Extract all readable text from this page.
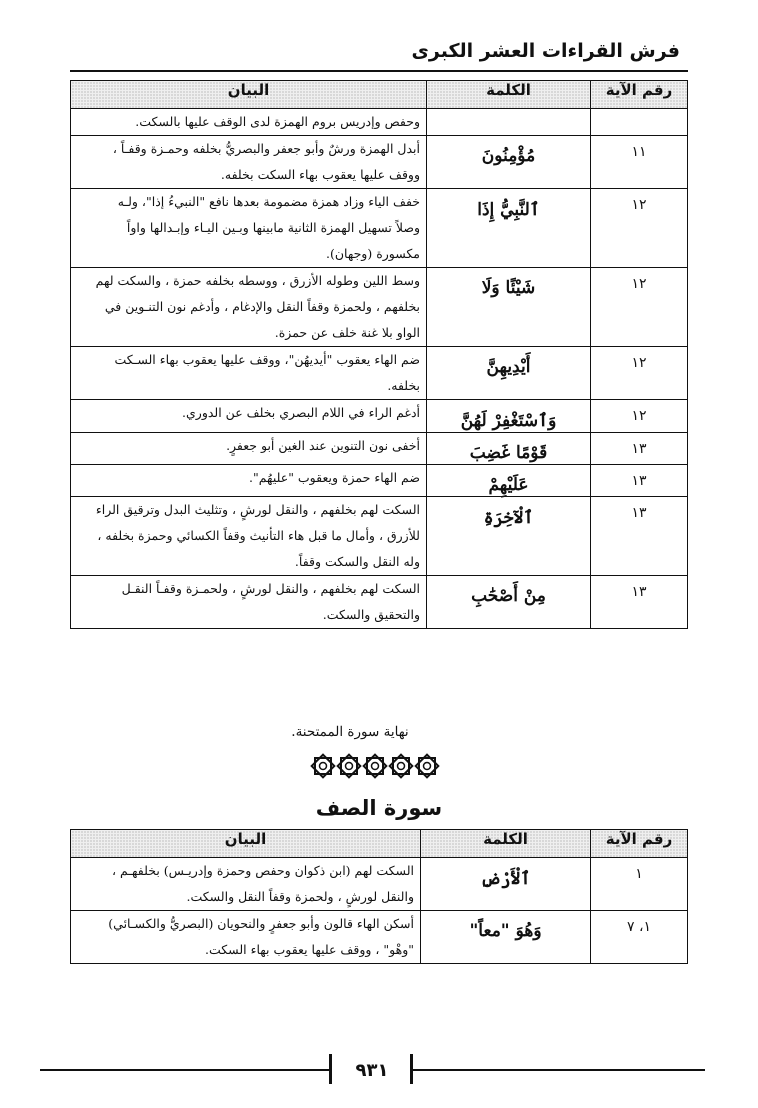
فرش القراءات العشر الكبرى
رقم الآية	الكلمة	البيان

		وحفص وإدريس بروم الهمزة لدى الوقف عليها بالسكت.

١١	مُؤْمِنُونَ	أبدل الهمزة ورشٌ وأبو جعفر والبصريُّ بخلفه وحمـزة وقفـاً ،
ووقف عليها يعقوب بهاء السكت بخلفه.

١٢	ٱلنَّبِيُّ إِذَا	خفف الياء وزاد همزة مضمومة بعدها نافع "النبيءُ إذا"، ولـه
وصلاً تسهيل الهمزة الثانية مابينها وبـين اليـاء وإبـدالها واواً
مكسورة (وجهان).

١٢	شَيْئًا وَلَا	وسط اللين وطوله الأزرق ، ووسطه بخلفه حمزة ، والسكت لهم
بخلفهم ، ولحمزة وقفاً النقل والإدغام ، وأدغم نون التنـوين في
الواو بلا غنة خلف عن حمزة.

١٢	أَيْدِيهِنَّ	ضم الهاء يعقوب "أيديهُن"، ووقف عليها يعقوب بهاء السـكت
بخلفه.

١٢	وَٱسْتَغْفِرْ لَهُنَّ	أدغم الراء في اللام البصري بخلف عن الدوري.

١٣	قَوْمًا غَضِبَ	أخفى نون التنوين عند الغين أبو جعفرٍ.

١٣	عَلَيْهِمْ	ضم الهاء حمزة ويعقوب "عليهُم".

١٣	ٱلْآخِرَةِ	السكت لهم بخلفهم ، والنقل لورشٍ ، وتثليث البدل وترقيق الراء
للأزرق ، وأمال ما قبل هاء التأنيث وقفاً الكسائي وحمزة بخلفه ،
وله النقل والسكت وقفاً.

١٣	مِنْ أَصْحَٰبِ	السكت لهم بخلفهم ، والنقل لورشٍ ، ولحمـزة وقفـاً النقـل
والتحقيق والسكت.
نهاية سورة الممتحنة.
سورة الصف
رقم الآية	الكلمة	البيان
١	ٱلْأَرْضِ	السكت لهم (ابن ذكوان وحفص وحمزة وإدريـس) بخلفهـم ،
والنقل لورشٍ ، ولحمزة وقفاً النقل والسكت.

١، ٧	وَهُوَ "معاً"	أسكن الهاء قالون وأبو جعفرٍ والنحويان (البصريُّ والكسـائي)
"وهْو" ، ووقف عليها يعقوب بهاء السكت.
٩٣١
